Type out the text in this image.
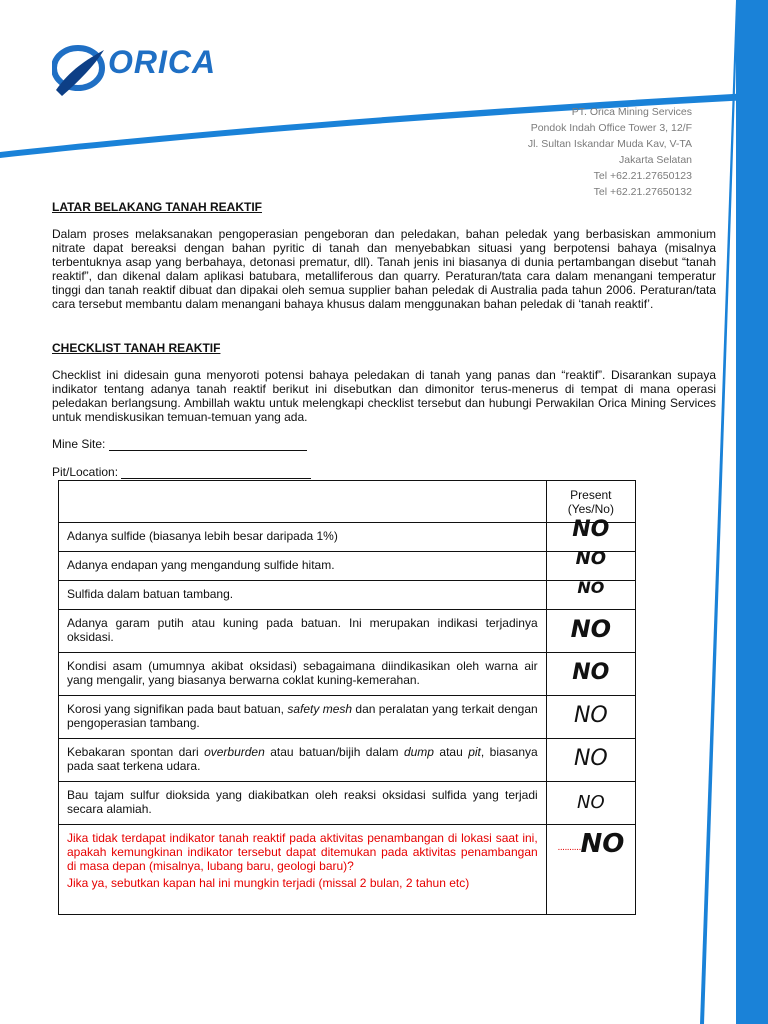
ORICA
PT. Orica Mining Services
Pondok Indah Office Tower 3, 12/F
Jl. Sultan Iskandar Muda Kav, V-TA
Jakarta Selatan
Tel +62.21.27650123
Tel +62.21.27650132
LATAR BELAKANG TANAH REAKTIF
Dalam proses melaksanakan pengoperasian pengeboran dan peledakan, bahan peledak yang berbasiskan ammonium nitrate dapat bereaksi dengan bahan pyritic di tanah dan menyebabkan situasi yang berpotensi bahaya (misalnya terbentuknya asap yang berbahaya, detonasi prematur, dll). Tanah jenis ini biasanya di dunia pertambangan disebut “tanah reaktif”, dan dikenal dalam aplikasi batubara, metalliferous dan quarry. Peraturan/tata cara dalam menangani temperatur tinggi dan tanah reaktif dibuat dan dipakai oleh semua supplier bahan peledak di Australia pada tahun 2006. Peraturan/tata cara tersebut membantu dalam menangani bahaya khusus dalam menggunakan bahan peledak di ‘tanah reaktif’.
CHECKLIST TANAH REAKTIF
Checklist ini didesain guna menyoroti potensi bahaya peledakan di tanah yang panas dan “reaktif”. Disarankan supaya indikator tentang adanya tanah reaktif berikut ini disebutkan dan dimonitor terus-menerus di tempat di mana operasi peledakan berlangsung. Ambillah waktu untuk melengkapi checklist tersebut dan hubungi Perwakilan Orica Mining Services untuk mendiskusikan temuan-temuan yang ada.
Mine Site:
Pit/Location:

	Present
(Yes/No)

Adanya sulfide (biasanya lebih besar daripada 1%)	NO
Adanya endapan yang mengandung sulfide hitam.	NO
Sulfida dalam batuan tambang.	NO
Adanya garam putih atau kuning pada batuan. Ini merupakan indikasi terjadinya oksidasi.	NO
Kondisi asam (umumnya akibat oksidasi) sebagaimana diindikasikan oleh warna air yang mengalir, yang biasanya berwarna coklat kuning-kemerahan.	NO
Korosi yang signifikan pada baut batuan, safety mesh dan peralatan yang terkait dengan pengoperasian tambang.	NO
Kebakaran spontan dari overburden atau batuan/bijih dalam dump atau pit, biasanya pada saat terkena udara.	NO
Bau tajam sulfur dioksida yang diakibatkan oleh reaksi oksidasi sulfida yang terjadi secara alamiah.	NO

Jika tidak terdapat indikator tanah reaktif pada aktivitas penambangan di lokasi saat ini, apakah kemungkinan indikator tersebut dapat ditemukan pada aktivitas penambangan di masa depan (misalnya, lubang baru, geologi baru)?
Jika ya, sebutkan kapan hal ini mungkin terjadi (missal 2 bulan, 2 tahun etc)	··········NO
